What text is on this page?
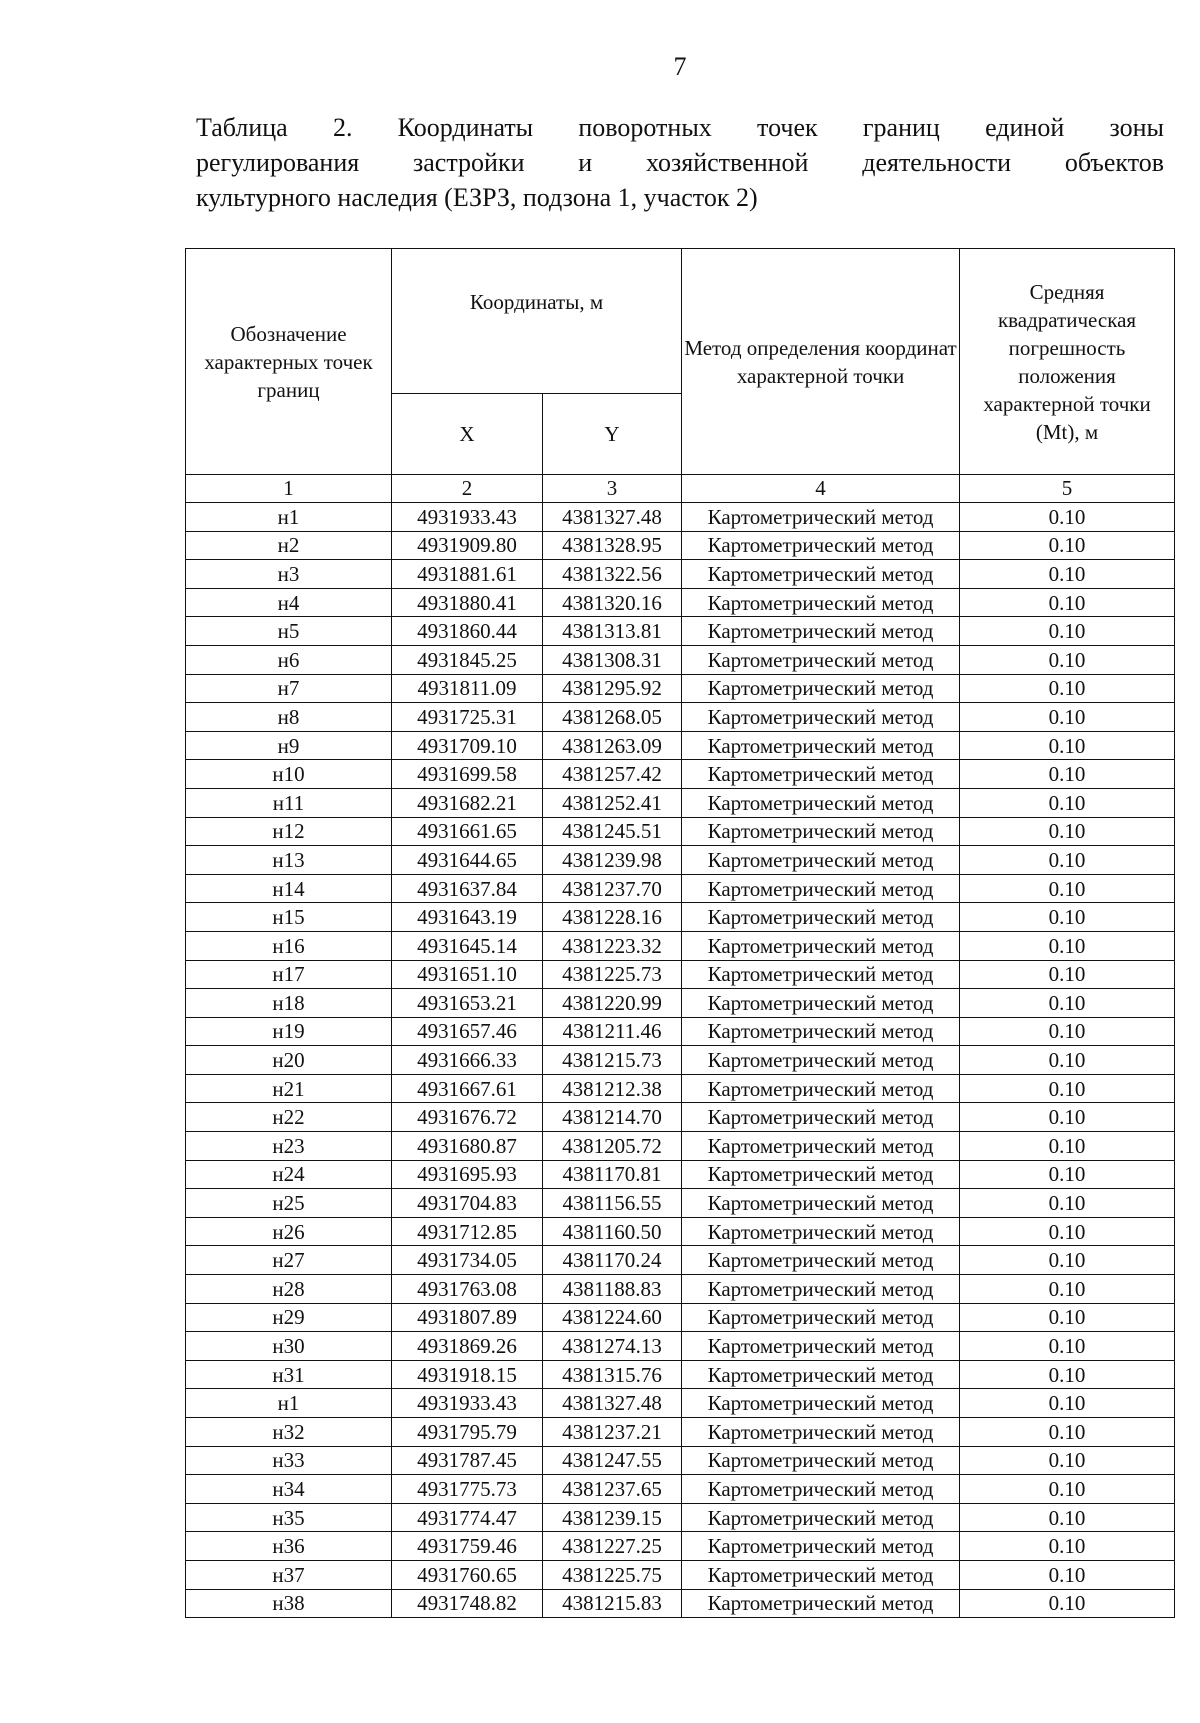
7
Таблица 2. Координаты поворотных точек границ единой зоны
регулирования застройки и хозяйственной деятельности объектов
культурного наследия (ЕЗРЗ, подзона 1, участок 2)
Обозначение характерных точек границ	Координаты, м		Метод определения координат характерной точки	Средняя квадратическая погрешность положения характерной точки (Mt), м
	X	Y		
1	2	3	4	5
н1	4931933.43	4381327.48	Картометрический метод	0.10
н2	4931909.80	4381328.95	Картометрический метод	0.10
н3	4931881.61	4381322.56	Картометрический метод	0.10
н4	4931880.41	4381320.16	Картометрический метод	0.10
н5	4931860.44	4381313.81	Картометрический метод	0.10
н6	4931845.25	4381308.31	Картометрический метод	0.10
н7	4931811.09	4381295.92	Картометрический метод	0.10
н8	4931725.31	4381268.05	Картометрический метод	0.10
н9	4931709.10	4381263.09	Картометрический метод	0.10
н10	4931699.58	4381257.42	Картометрический метод	0.10
н11	4931682.21	4381252.41	Картометрический метод	0.10
н12	4931661.65	4381245.51	Картометрический метод	0.10
н13	4931644.65	4381239.98	Картометрический метод	0.10
н14	4931637.84	4381237.70	Картометрический метод	0.10
н15	4931643.19	4381228.16	Картометрический метод	0.10
н16	4931645.14	4381223.32	Картометрический метод	0.10
н17	4931651.10	4381225.73	Картометрический метод	0.10
н18	4931653.21	4381220.99	Картометрический метод	0.10
н19	4931657.46	4381211.46	Картометрический метод	0.10
н20	4931666.33	4381215.73	Картометрический метод	0.10
н21	4931667.61	4381212.38	Картометрический метод	0.10
н22	4931676.72	4381214.70	Картометрический метод	0.10
н23	4931680.87	4381205.72	Картометрический метод	0.10
н24	4931695.93	4381170.81	Картометрический метод	0.10
н25	4931704.83	4381156.55	Картометрический метод	0.10
н26	4931712.85	4381160.50	Картометрический метод	0.10
н27	4931734.05	4381170.24	Картометрический метод	0.10
н28	4931763.08	4381188.83	Картометрический метод	0.10
н29	4931807.89	4381224.60	Картометрический метод	0.10
н30	4931869.26	4381274.13	Картометрический метод	0.10
н31	4931918.15	4381315.76	Картометрический метод	0.10
н1	4931933.43	4381327.48	Картометрический метод	0.10
н32	4931795.79	4381237.21	Картометрический метод	0.10
н33	4931787.45	4381247.55	Картометрический метод	0.10
н34	4931775.73	4381237.65	Картометрический метод	0.10
н35	4931774.47	4381239.15	Картометрический метод	0.10
н36	4931759.46	4381227.25	Картометрический метод	0.10
н37	4931760.65	4381225.75	Картометрический метод	0.10
н38	4931748.82	4381215.83	Картометрический метод	0.10
